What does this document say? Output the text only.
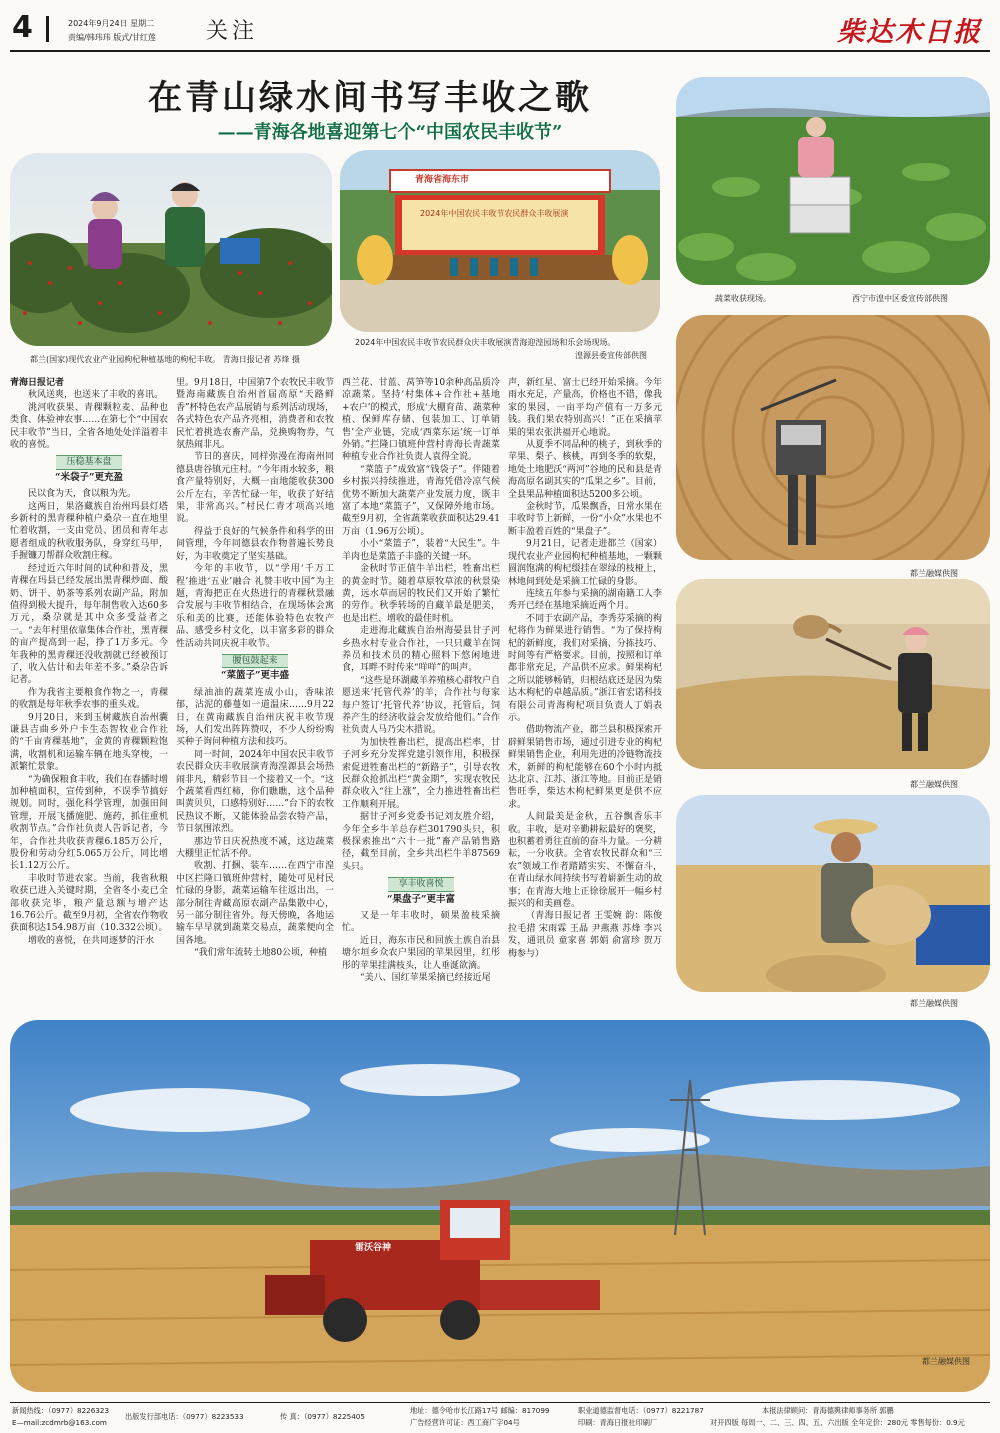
4	2024年9月24日 星期二
责编/韩玮玮 版式/甘红莲 关注	柴达木日报
在青山绿水间书写丰收之歌
——青海各地喜迎第七个“中国农民丰收节”
都兰(国家)现代农业产业园枸杞种植基地的枸杞丰收。 青海日报记者 苏烽 摄
青海省海东市
2024年中国农民丰收节农民群众丰收展演
2024年中国农民丰收节农民群众庆丰收展演青海迎湟园场和乐会场现场。
湟源县委宣传部供图
蔬菜收获现场。	西宁市湟中区委宣传部供图
都兰融媒供图
都兰融媒供图
都兰融媒供图

青海日报记者

秋风送爽，也送来了丰收的喜讯。

洮河收获果、青稞颗粒麦、品种也类食、体验神农事……在第七个“中国农民丰收节”当日，全省各地处处洋溢着丰收的喜悦。

压稳基本盘
“米袋子”更充盈

民以食为天，食以粮为先。

这两日，果洛藏族自治州玛县灯塔乡新村的黑青稞种植户桑尕一直在地里忙着收割，一支由党员、团员和青年志愿者组成的秋收服务队，身穿红马甲，手握镰刀帮群众收割庄稼。

经过近六年时间的试种和普及，黑青稞在玛县已经发展出黑青稞炒面、酸奶、饼干、奶茶等系列农副产品，附加值得到极大提升，每年制售收入达60多万元，桑尕就是其中众多受益者之一。“去年村里依靠集体合作社，黑青稞的亩产提高到一起，挣了1万多元。今年我种的黑青稞还没收割就已经被预订了，收入估计和去年差不多。”桑尕告诉记者。

作为我省主要粮食作物之一，青稞的收割是每年秋季农事的重头戏。

9月20日，来到玉树藏族自治州囊谦县吉曲乡外户卡生态智牧业合作社的“千亩青稞基地”，金黄的青稞颗粒饱满，收割机和运输车辆在地头穿梭，一派繁忙景象。

“为确保粮食丰收，我们在春播时增加种植面积，宣传到种，不误季节搞好规划。同时，强化科学管理，加强田间管理，开展飞播施肥、施药，抓住重机收割节点。”合作社负责人告诉记者，今年，合作社共收获青稞6.185万公斤，股份和劳动分红5.065万公斤，同比增长1.12万公斤。

丰收时节进农家。当前，我省秋粮收获已进入关键时期，全省冬小麦已全部收获完毕，粮产量总额与增产达16.76公斤。截至9月初，全省农作物收获面积达154.98万亩（10.332公顷）。

增收的喜悦，在共同逐梦的汗水

里。9月18日，中国第7个农牧民丰收节暨海南藏族自治州首届高原“天路鲜香”杯特色农产品展销与系列活动现场，各式特色农产品齐亮相，消费者和农牧民忙着挑选农畜产品，兑换购物券，气氛热闹非凡。

节日的喜庆，同样弥漫在海南州同德县唐谷镇元庄村。“今年雨水较多，粮食产量特别好，大概一亩地能收获300公斤左右，辛苦忙碌一年，收获了好结果，非常高兴。”村民仁青才项高兴地说。

得益于良好的气候条件和科学的田间管理，今年同德县农作物普遍长势良好，为丰收奠定了坚实基础。

今年的丰收节，以“学用‘千万工程’推进‘五业’融合 礼赞丰收中国”为主题，青海把正在火热进行的青稞秋景融合发展与丰收节相结合，在现场体会寓乐和美的比赛，还能体验特色农牧产品、感受乡村文化，以丰富多彩的群众性活动共同庆祝丰收节。

腰包鼓起来
“菜篮子”更丰盛

绿油油的蔬菜连成小山，香味浓郁，沾泥的藤蔓如一道温床……9月22日，在黄南藏族自治州庆祝丰收节现场，人们发出阵阵赞叹，不少人纷纷购买种子询问种植方法和技巧。

同一时间，2024年中国农民丰收节农民群众庆丰收展演青海湟源县会场热闹非凡，精彩节目一个接着又一个。“这个蔬菜看西红柿，你们瞧瞧，这个品种叫黄贝贝，口感特别好……”台下的农牧民热议不断，又能体验品尝农特产品，节日氛围浓烈。

那边节日庆祝热度不减，这边蔬菜大棚里正忙活不停。

收割、打捆、装车……在西宁市湟中区拦隆口镇班仲营村，随处可见村民忙碌的身影，蔬菜运输车往返出出，一部分制往青藏高原农副产品集散中心，另一部分制往省外。每天傍晚，各地运输车早早就到蔬菜交易点，蔬菜便向全国各地。

“我们常年流转土地80公顷，种植

西兰花、甘蓝、莴笋等10余种高品质冷凉蔬菜。坚持‘村集体+合作社+基地+农户’的模式，形成‘大棚育苗、蔬菜种植、保鲜库存储、包装加工、订单销售’全产业链，完成‘西菜东运’统一订单外销。”拦隆口镇班仲营村青海长青蔬菜种植专业合作社负责人袁得全说。

“菜篮子”成致富“钱袋子”。伴随着乡村振兴持续推进，青海凭借冷凉气候优势不断加大蔬菜产业发展力度，既丰富了本地“菜篮子”，又保障外地市场。截至9月初，全省蔬菜收获面积达29.41万亩（1.96万公顷）。

小小“菜篮子”，装着“大民生”。牛羊肉也是菜篮子丰盛的关键一环。

金秋时节正值牛羊出栏，牲畜出栏的黄金时节。随着草原牧草浓的秋景染黄，远水草而居的牧民们又开始了繁忙的劳作。秋季转场的自藏羊最是肥美，也是出栏、增收的最佳时机。

走进海北藏族自治州海晏县甘子河乡热水村专业合作社，一只只藏羊在饲养员和技术员的精心照料下悠闲地进食，耳畔不时传来“咩咩”的叫声。

“这些是环湖藏羊养殖核心群牧户自愿送来‘托管代养’的羊，合作社与每家每户签订‘托管代养’协议，托管后，饲养产生的经济收益会发放给他们。”合作社负责人马乃尖木措说。

为加快牲畜出栏，提高出栏率，甘子河乡充分发挥党建引领作用，积极探索促进牲畜出栏的“新路子”，引导农牧民群众抢抓出栏“黄金期”，实现农牧民群众收入“往上涨”，全力推进牲畜出栏工作顺利开展。

据甘子河乡党委书记刘友胜介绍，今年全乡牛羊总存栏301790头只，积极探索推出“六十一批”畜产品销售路径，截至目前，全乡共出栏牛羊87569头只。

享丰收喜悦
“果盘子”更丰富

又是一年丰收时，硕果盈枝采摘忙。

近日，海东市民和回族土族自治县塘尔垣乡众农户果园的苹果园里，红彤彤的苹果挂满枝头，让人垂涎欲滴。

“美八、国红苹果采摘已经接近尾

声，新红星、富士已经开始采摘。今年雨水充足，产量高，价格也不错，像我家的果园，一亩平均产值有一万多元钱。我们果农特别高兴！”正在采摘苹果的果农张洪福开心地说。

从夏季不同品种的桃子，到秋季的苹果、梨子、核桃，再到冬季的软梨，地处土地肥沃“两河”谷地的民和县是青海高原名副其实的“瓜果之乡”。目前，全县果品种植面积达5200多公顷。

金秋时节，瓜果飘香，日常水果在丰收时节上新鲜，一份“小众”水果也不断丰盈着百姓的“果盘子”。

9月21日，记者走进都兰（国家）现代农业产业园枸杞种植基地，一颗颗圆润饱满的枸杞缀挂在翠绿的枝桠上，林地间到处是采摘工忙碌的身影。

连续五年参与采摘的湖南籍工人李秀开已经在基地采摘近两个月。

不同于农副产品，李秀芬采摘的枸杞将作为鲜果进行销售。“为了保持枸杞的新鲜度，我们对采摘、分拣技巧、时间等有严格要求。目前，按照和订单都非常充足，产品供不应求。鲜果枸杞之所以能够畅销，归根结底还是因为柴达木枸杞的卓越品质。”浙江省宏诺科技有限公司青海枸杞项目负责人丁娟表示。

借助物流产业，都兰县积极探索开辟鲜果销售市场，通过引进专业的枸杞鲜果销售企业，利用先进的冷链物流技术，新鲜的枸杞能够在60个小时内抵达北京、江苏、浙江等地。目前正是销售旺季，柴达木枸杞鲜果更是供不应求。

人间最美是金秋，五谷飘香乐丰收。丰收，是对辛勤耕耘最好的褒奖，也积蓄着勇往直前的奋斗力量。一分耕耘，一分收获。全省农牧民群众和“三农”领域工作者踏踏实实、不懈奋斗，在青山绿水间持续书写着崭新生动的故事；在青海大地上正徐徐展开一幅乡村振兴的和美画卷。

（青海日报记者 王雯婉 韵：陈俊 拉毛措 宋雨霖 王晶 尹燕燕 苏烽 李兴发，通讯员 童家喜 郭娟 俞富珍 贺万梅参与）

雷沃谷神
都兰融媒供图
新闻热线：（0977）8226323
E—mail:zcdmrb@163.com
出版发行部电话：（0977）8223533	传 真：（0977）8225405
地址：德令哈市长江路17号 邮编：817099
广告经营许可证：西工商广字04号
职业道德监督电话：（0977）8221787
印刷：青海日报社印刷厂
本报法律顾问：青海德舆律师事务所 郭鹏
对开四版 每周一、二、三、四、五、六出版 全年定价：280元 零售每份：0.9元
